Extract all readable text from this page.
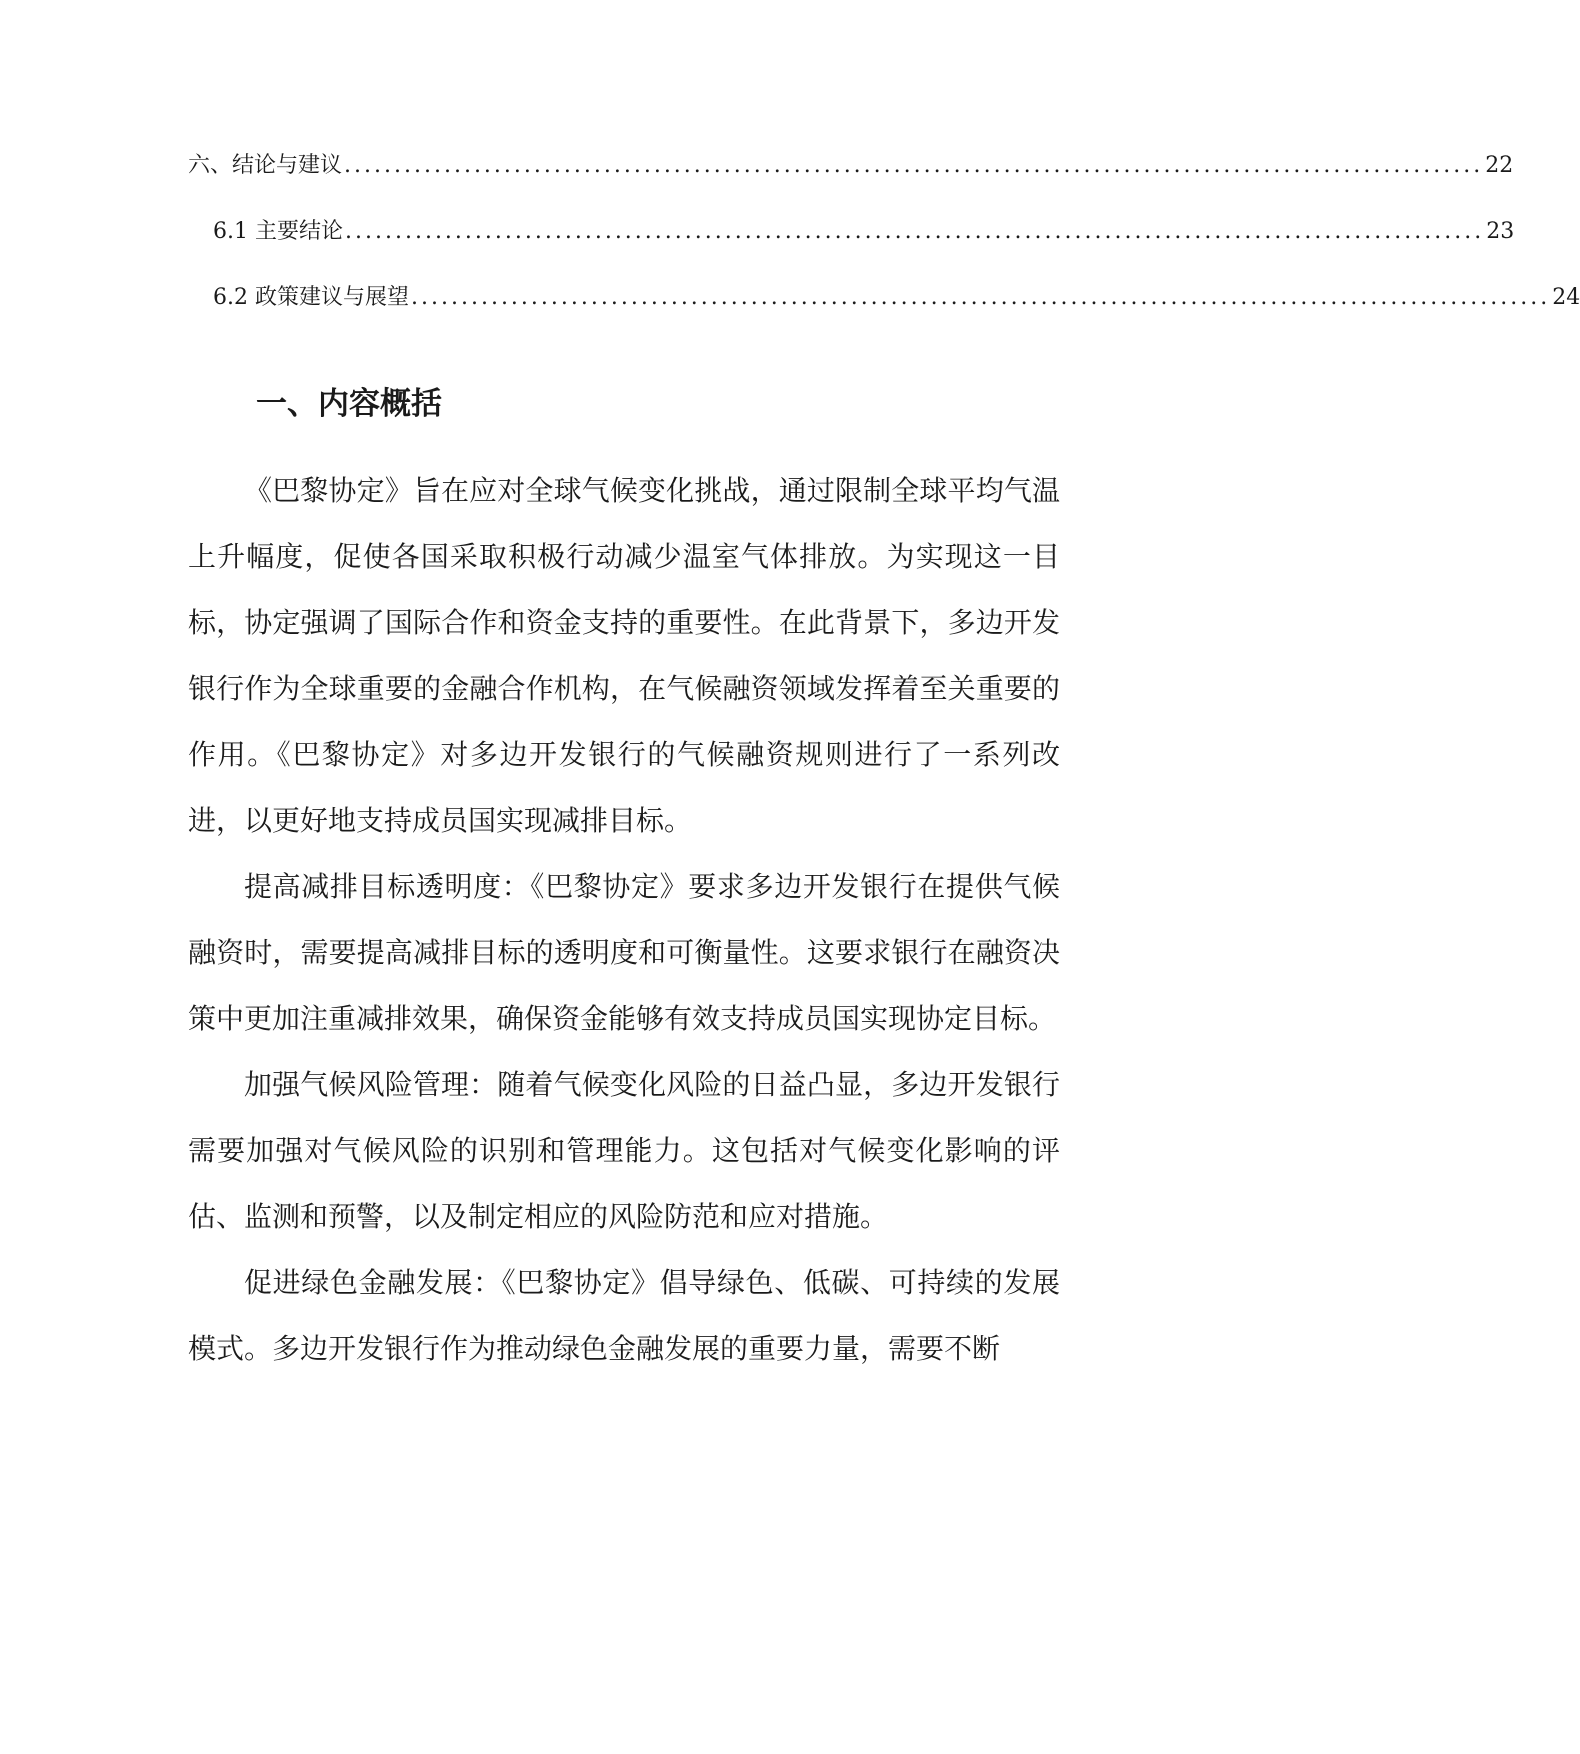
六、 结论与建议 .................................................................................................................. 22
6.1 主要结论 .................................................................................................................. 23
6.2 政策建议与展望 .................................................................................................................. 24
一、内容概括

《巴黎协定》旨在应对全球气候变化挑战，通过限制全球平均气温上升幅度，促使各国采取积极行动减少温室气体排放。为实现这一目标，协定强调了国际合作和资金支持的重要性。在此背景下，多边开发银行作为全球重要的金融合作机构，在气候融资领域发挥着至关重要的作用。《巴黎协定》对多边开发银行的气候融资规则进行了一系列改进，以更好地支持成员国实现减排目标。

提高减排目标透明度：《巴黎协定》要求多边开发银行在提供气候融资时，需要提高减排目标的透明度和可衡量性。这要求银行在融资决策中更加注重减排效果，确保资金能够有效支持成员国实现协定目标。

加强气候风险管理：随着气候变化风险的日益凸显，多边开发银行需要加强对气候风险的识别和管理能力。这包括对气候变化影响的评估、监测和预警，以及制定相应的风险防范和应对措施。

促进绿色金融发展：《巴黎协定》倡导绿色、低碳、可持续的发展模式。多边开发银行作为推动绿色金融发展的重要力量，需要不断
